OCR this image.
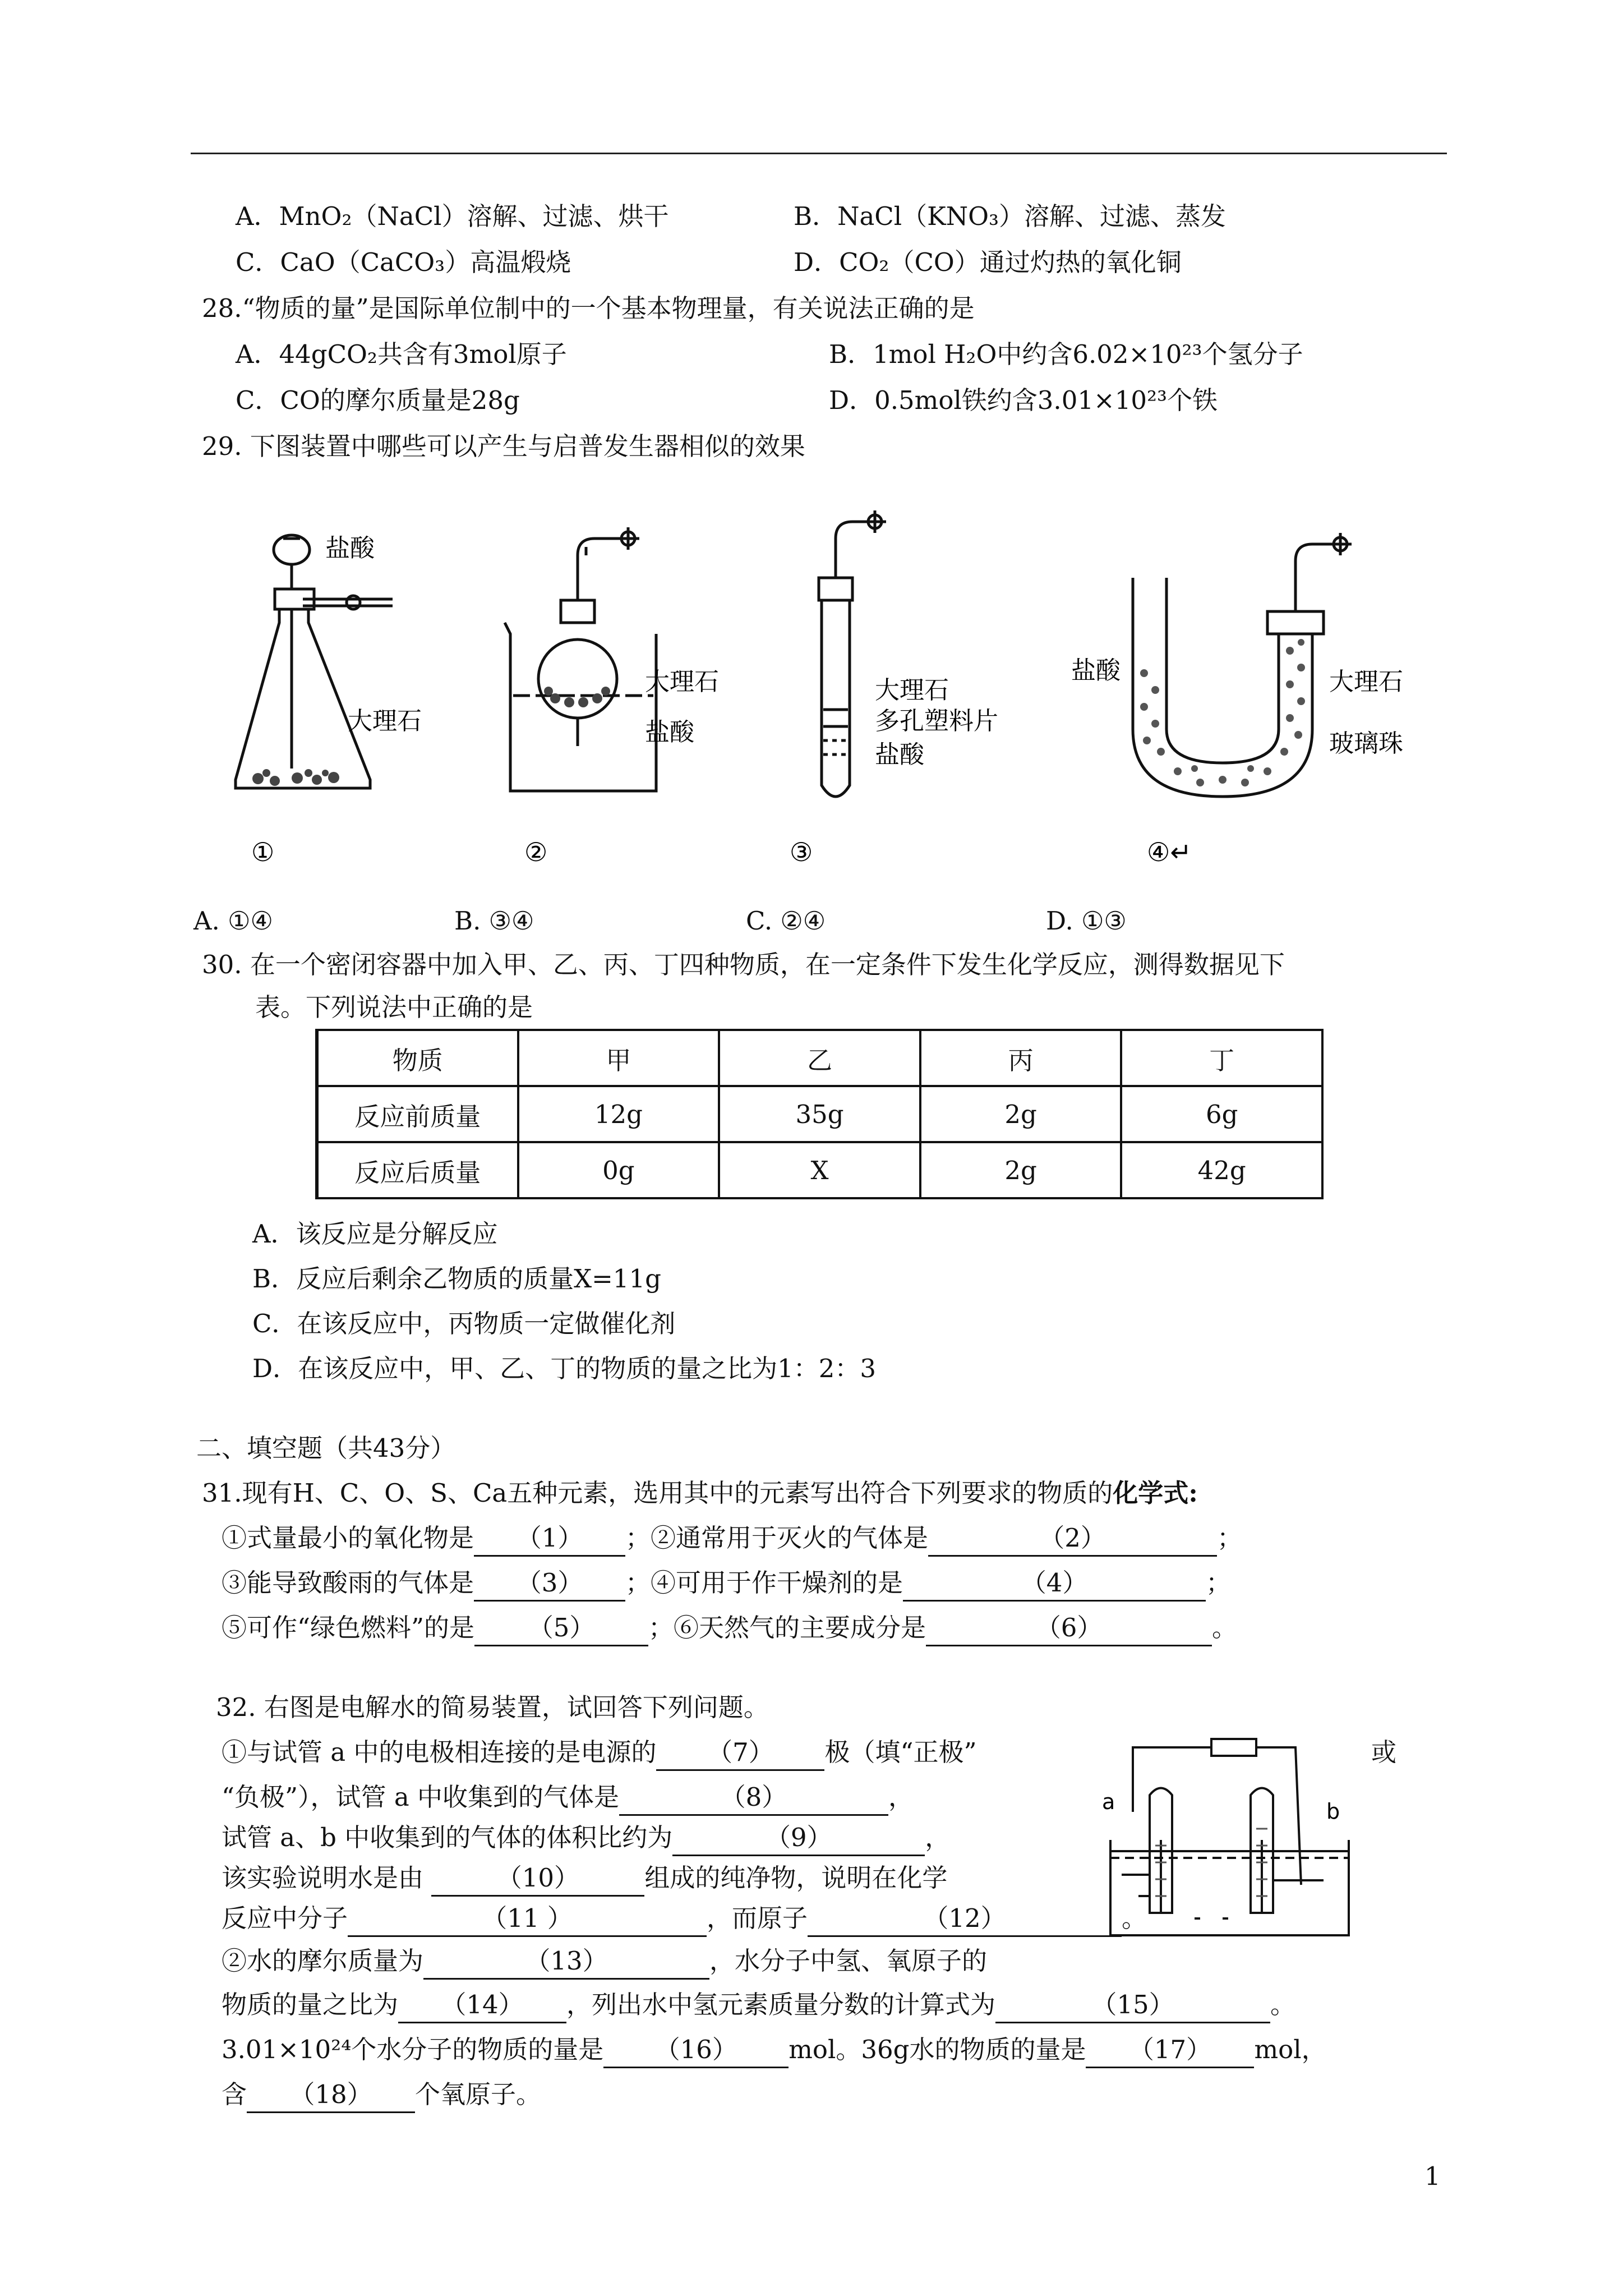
A．MnO₂（NaCl）溶解、过滤、烘干	B．NaCl（KNO₃）溶解、过滤、蒸发
C．CaO（CaCO₃）高温煅烧	D．CO₂（CO）通过灼热的氧化铜
28.“物质的量”是国际单位制中的一个基本物理量，有关说法正确的是
A．44gCO₂共含有3mol原子	B．1mol H₂O中约含6.02×10²³个氢分子
C．CO的摩尔质量是28g	D．0.5mol铁约含3.01×10²³个铁
29. 下图装置中哪些可以产生与启普发生器相似的效果
盐酸
大理石
大理石
盐酸
大理石
多孔塑料片
盐酸
盐酸	大理石
玻璃珠
①	②	③	④↵
A. ①④	B. ③④	C. ②④	D. ①③
30. 在一个密闭容器中加入甲、乙、丙、丁四种物质，在一定条件下发生化学反应，测得数据见下
表。下列说法中正确的是
物质	甲	乙	丙	丁
反应前质量	12g	35g	2g	6g
反应后质量	0g	X	2g	42g
A．该反应是分解反应
B．反应后剩余乙物质的质量X=11g
C．在该反应中，丙物质一定做催化剂
D．在该反应中，甲、乙、丁的物质的量之比为1：2：3
二、填空题（共43分）
31.现有H、C、O、S、Ca五种元素，选用其中的元素写出符合下列要求的物质的化学式:
①式量最小的氧化物是 （1） ；②通常用于灭火的气体是	（2）	；
③能导致酸雨的气体是 （3） ；④可用于作干燥剂的是	（4）	；
⑤可作“绿色燃料”的是 （5） ；⑥天然气的主要成分是	（6）	。
32. 右图是电解水的简易装置，试回答下列问题。
①与试管 a 中的电极相连接的是电源的 （7） 极（填“正极”	或
“负极”），试管 a 中收集到的气体是	（8）	，
试管 a、b 中收集到的气体的体积比约为	（9）	，
该实验说明水是由	（10）	组成的纯净物，说明在化学
反应中分子	（11 ）	，而原子	（12）	。
②水的摩尔质量为	（13）	，水分子中氢、氧原子的
物质的量之比为 （14） ，列出水中氢元素质量分数的计算式为	（15）	。
3.01×10²⁴个水分子的物质的量是 （16） mol。36g水的物质的量是 （17） mol，
含 （18） 个氧原子。
a	b
1
